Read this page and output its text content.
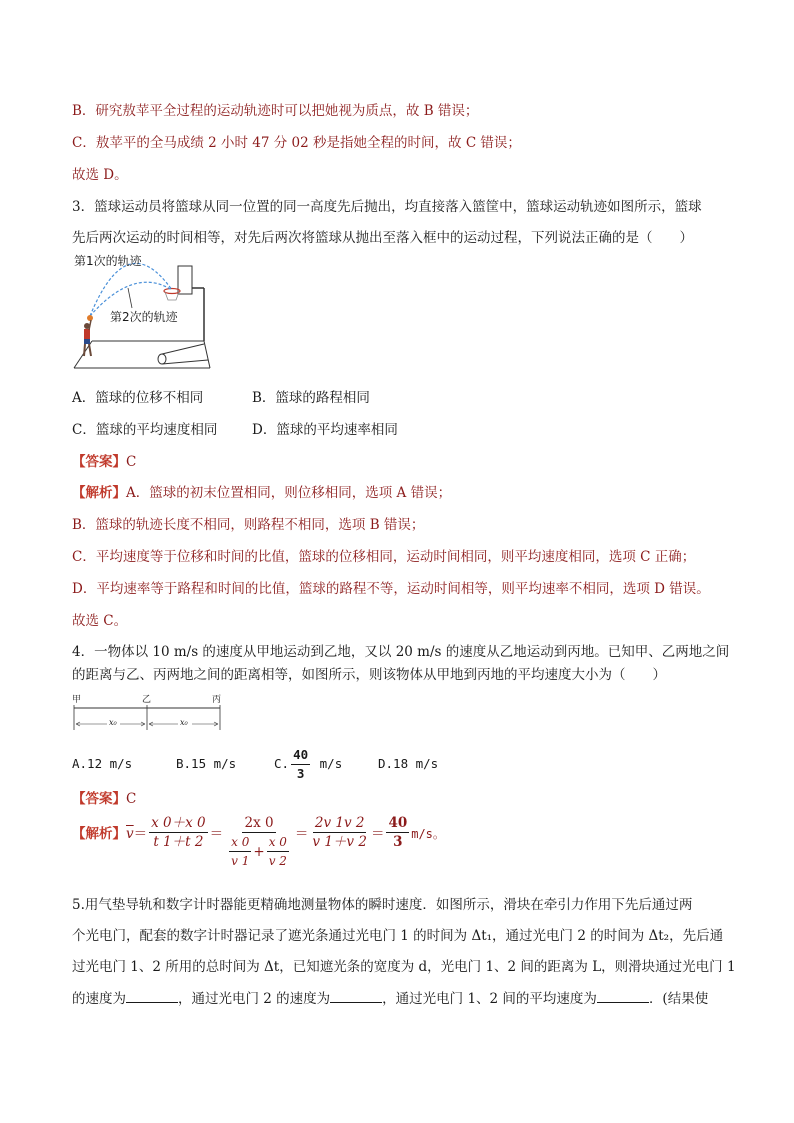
B．研究敖苹平全过程的运动轨迹时可以把她视为质点，故 B 错误；
C．敖苹平的全马成绩 2 小时 47 分 02 秒是指她全程的时间，故 C 错误；
故选 D。
3．篮球运动员将篮球从同一位置的同一高度先后抛出，均直接落入篮筐中，篮球运动轨迹如图所示，篮球
先后两次运动的时间相等，对先后两次将篮球从抛出至落入框中的运动过程，下列说法正确的是（　　）
第1次的轨迹
第2次的轨迹
A．篮球的位移不相同	B．篮球的路程相同
C．篮球的平均速度相同	D．篮球的平均速率相同
【答案】C
【解析】A．篮球的初末位置相同，则位移相同，选项 A 错误；
B．篮球的轨迹长度不相同，则路程不相同，选项 B 错误；
C．平均速度等于位移和时间的比值，篮球的位移相同，运动时间相同，则平均速度相同，选项 C 正确；
D．平均速率等于路程和时间的比值，篮球的路程不等，运动时间相等，则平均速率不相同，选项 D 错误。
故选 C。
4．一物体以 10 m/s 的速度从甲地运动到乙地，又以 20 m/s 的速度从乙地运动到丙地。已知甲、乙两地之间
的距离与乙、丙两地之间的距离相等，如图所示，则该物体从甲地到丙地的平均速度大小为（　　）
甲	乙	丙
x₀	x₀
A.12 m/s	B.15 m/s	C. $\frac{40}{3} m/s$	D.18 m/s
【答案】C
【解析】 $\overline{v} = \frac{x 0+x 0}{t 1+t 2} = \frac{2x 0}{\frac{x 0}{v 1} + \frac{x 0}{v 2}} = \frac{2v 1v 2}{v 1+v 2} = \frac{40}{3} m/s$。
5.用气垫导轨和数字计时器能更精确地测量物体的瞬时速度．如图所示，滑块在牵引力作用下先后通过两
个光电门，配套的数字计时器记录了遮光条通过光电门 1 的时间为 Δt₁，通过光电门 2 的时间为 Δt₂，先后通
过光电门 1、2 所用的总时间为 Δt，已知遮光条的宽度为 d，光电门 1、2 间的距离为 L，则滑块通过光电门 1
的速度为	，通过光电门 2 的速度为	，通过光电门 1、2 间的平均速度为	．(结果使
